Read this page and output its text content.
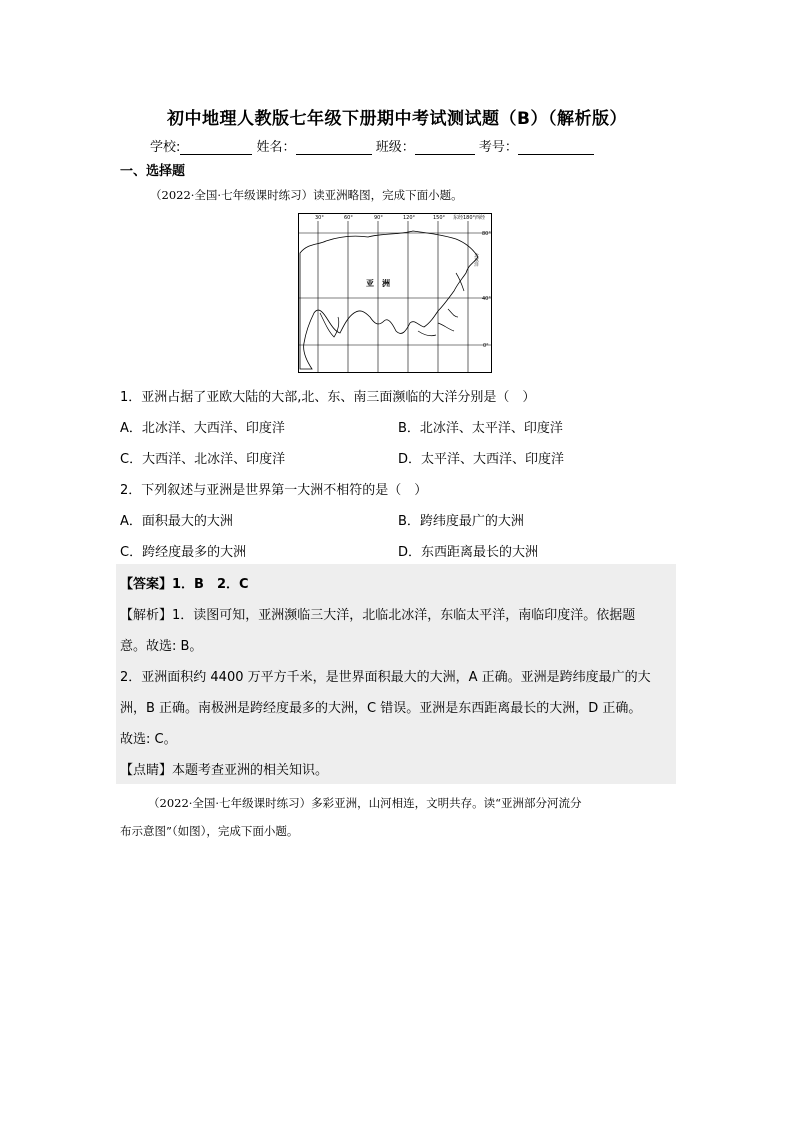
初中地理人教版七年级下册期中考试测试题（B）（解析版）
学校:	姓名：	班级：	考号：
一、选择题
（2022·全国·七年级课时练习）读亚洲略图，完成下面小题。
30°	60°	90°	120°	150° 东经180°西经
80°
40°
0°
北冰洋
亚　洲
1．亚洲占据了亚欧大陆的大部,北、东、南三面濒临的大洋分别是（　）
A．北冰洋、大西洋、印度洋	B．北冰洋、太平洋、印度洋
C．大西洋、北冰洋、印度洋	D．太平洋、大西洋、印度洋
2．下列叙述与亚洲是世界第一大洲不相符的是（　）
A．面积最大的大洲	B．跨纬度最广的大洲
C．跨经度最多的大洲	D．东西距离最长的大洲
【答案】1．B　2．C
【解析】1．读图可知，亚洲濒临三大洋，北临北冰洋，东临太平洋，南临印度洋。依据题
意。故选: B。
2．亚洲面积约 4400 万平方千米，是世界面积最大的大洲，A 正确。亚洲是跨纬度最广的大
洲，B 正确。南极洲是跨经度最多的大洲，C 错误。亚洲是东西距离最长的大洲，D 正确。
故选: C。
【点睛】本题考查亚洲的相关知识。
（2022·全国·七年级课时练习）多彩亚洲，山河相连，文明共存。读“亚洲部分河流分
布示意图”（如图），完成下面小题。
